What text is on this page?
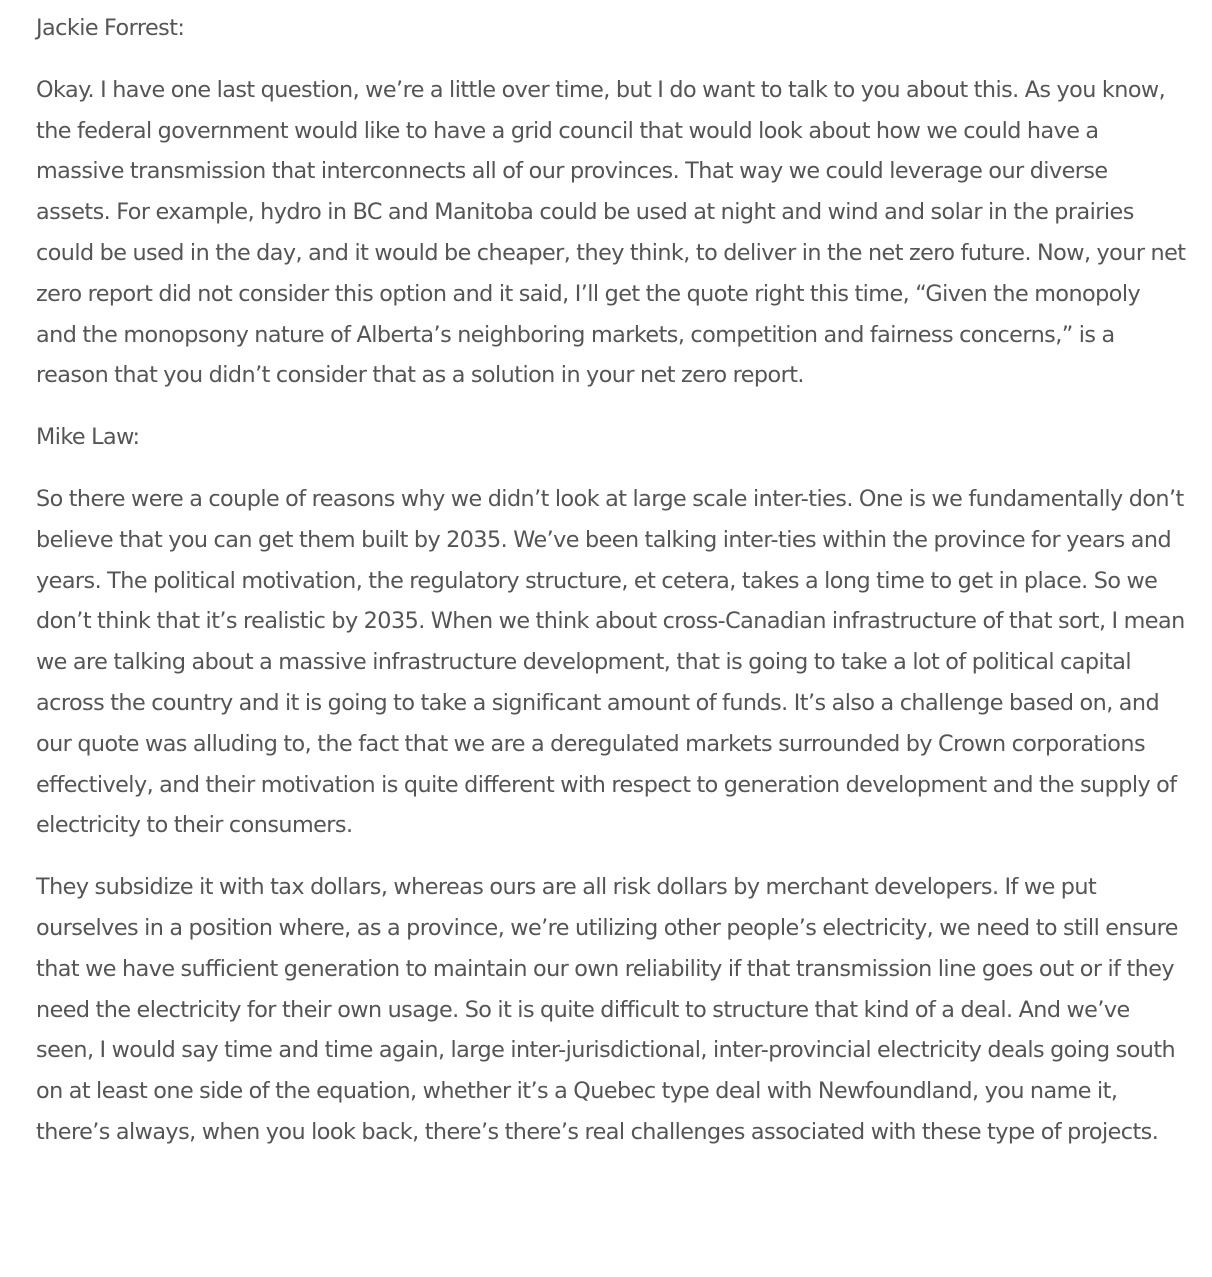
Jackie Forrest:

Okay. I have one last question, we’re a little over time, but I do want to talk to you about this. As you know, the federal government would like to have a grid council that would look about how we could have a massive transmission that interconnects all of our provinces. That way we could leverage our diverse assets. For example, hydro in BC and Manitoba could be used at night and wind and solar in the prairies could be used in the day, and it would be cheaper, they think, to deliver in the net zero future. Now, your net zero report did not consider this option and it said, I’ll get the quote right this time, “Given the monopoly and the monopsony nature of Alberta’s neighboring markets, competition and fairness concerns,” is a reason that you didn’t consider that as a solution in your net zero report.

Mike Law:

So there were a couple of reasons why we didn’t look at large scale inter-ties. One is we fundamentally don’t believe that you can get them built by 2035. We’ve been talking inter-ties within the province for years and years. The political motivation, the regulatory structure, et cetera, takes a long time to get in place. So we don’t think that it’s realistic by 2035. When we think about cross-Canadian infrastructure of that sort, I mean we are talking about a massive infrastructure development, that is going to take a lot of political capital across the country and it is going to take a significant amount of funds. It’s also a challenge based on, and our quote was alluding to, the fact that we are a deregulated markets surrounded by Crown corporations effectively, and their motivation is quite different with respect to generation development and the supply of electricity to their consumers.

They subsidize it with tax dollars, whereas ours are all risk dollars by merchant developers. If we put ourselves in a position where, as a province, we’re utilizing other people’s electricity, we need to still ensure that we have sufficient generation to maintain our own reliability if that transmission line goes out or if they need the electricity for their own usage. So it is quite difficult to structure that kind of a deal. And we’ve seen, I would say time and time again, large inter-jurisdictional, inter-provincial electricity deals going south on at least one side of the equation, whether it’s a Quebec type deal with Newfoundland, you name it, there’s always, when you look back, there’s there’s real challenges associated with these type of projects.
